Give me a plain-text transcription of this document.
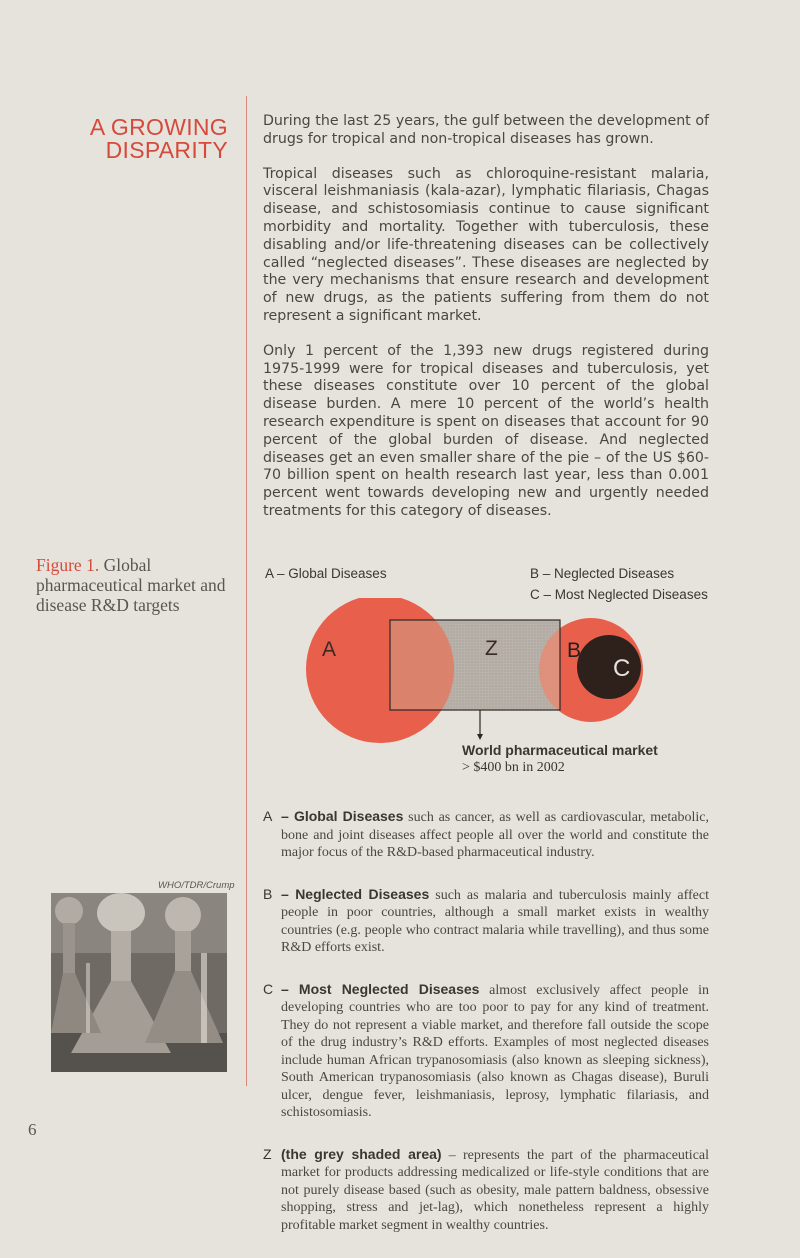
A GROWING
DISPARITY

During the last 25 years, the gulf between the development of drugs for tropical and non-tropical diseases has grown.

Tropical diseases such as chloroquine-resistant malaria, visceral leishmaniasis (kala-azar), lymphatic filariasis, Chagas disease, and schistosomiasis continue to cause significant morbidity and mortality. Together with tuberculosis, these disabling and/or life-threatening diseases can be collectively called “neglected diseases”. These diseases are neglected by the very mechanisms that ensure research and development of new drugs, as the patients suffering from them do not represent a significant market.

Only 1 percent of the 1,393 new drugs registered during 1975-1999 were for tropical diseases and tuberculosis, yet these diseases constitute over 10 percent of the global disease burden. A mere 10 percent of the world’s health research expenditure is spent on diseases that account for 90 percent of the global burden of disease. And neglected diseases get an even smaller share of the pie – of the US $60-70 billion spent on health research last year, less than 0.001 percent went towards developing new and urgently needed treatments for this category of diseases.

Figure 1. Global pharmaceutical market and disease R&D targets
A – Global Diseases	B – Neglected Diseases
C – Most Neglected Diseases
A	Z	B
C
World pharmaceutical market
> $400 bn in 2002
A – Global Diseases such as cancer, as well as cardiovascular, metabolic, bone and joint diseases affect people all over the world and constitute the major focus of the R&D-based pharmaceutical industry.
B – Neglected Diseases such as malaria and tuberculosis mainly affect people in poor countries, although a small market exists in wealthy countries (e.g. people who contract malaria while travelling), and thus some R&D efforts exist.
C – Most Neglected Diseases almost exclusively affect people in developing countries who are too poor to pay for any kind of treatment. They do not represent a viable market, and therefore fall outside the scope of the drug industry’s R&D efforts. Examples of most neglected diseases include human African trypanosomiasis (also known as sleeping sickness), South American trypanosomiasis (also known as Chagas disease), Buruli ulcer, dengue fever, leishmaniasis, leprosy, lymphatic filariasis, and schistosomiasis.
Z (the grey shaded area) – represents the part of the pharmaceutical market for products addressing medicalized or life-style conditions that are not purely disease based (such as obesity, male pattern baldness, obsessive shopping, stress and jet-lag), which nonetheless represent a highly profitable market segment in wealthy countries.
WHO/TDR/Crump
6
